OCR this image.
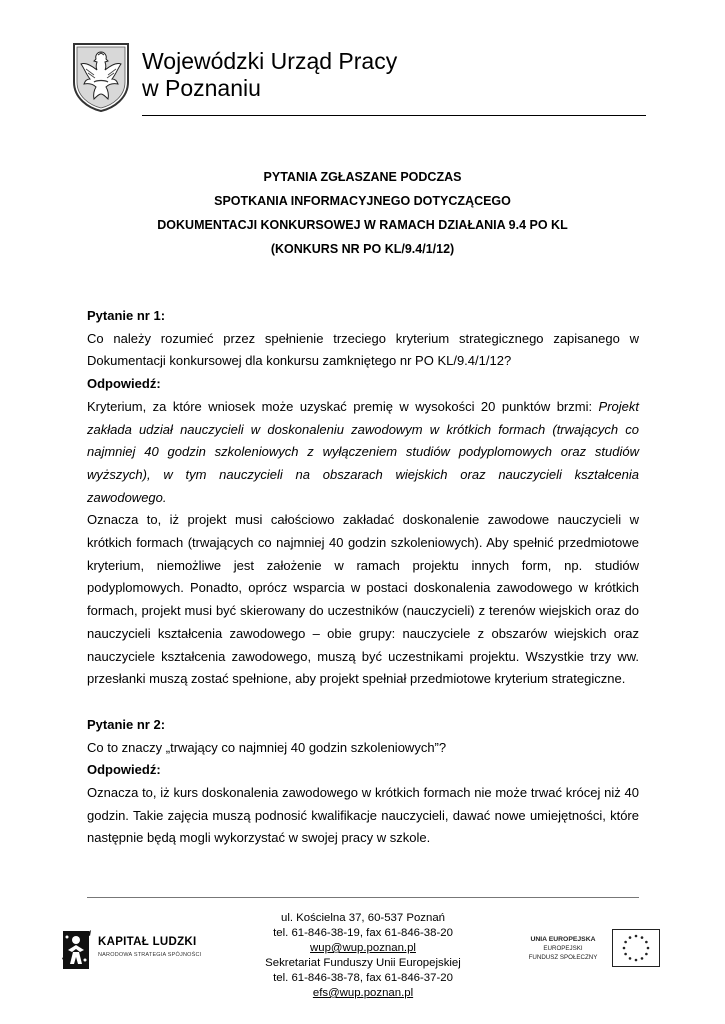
Wojewódzki Urząd Pracy
w Poznaniu
PYTANIA ZGŁASZANE PODCZAS
SPOTKANIA INFORMACYJNEGO DOTYCZĄCEGO
DOKUMENTACJI KONKURSOWEJ W RAMACH DZIAŁANIA 9.4 PO KL
(KONKURS NR PO KL/9.4/1/12)

Pytanie nr 1:

Co należy rozumieć przez spełnienie trzeciego kryterium strategicznego zapisanego w Dokumentacji konkursowej dla konkursu zamkniętego nr PO KL/9.4/1/12?

Odpowiedź:

Kryterium, za które wniosek może uzyskać premię w wysokości 20 punktów brzmi: Projekt zakłada udział nauczycieli w doskonaleniu zawodowym w krótkich formach (trwających co najmniej 40 godzin szkoleniowych z wyłączeniem studiów podyplomowych oraz studiów wyższych), w tym nauczycieli na obszarach wiejskich oraz nauczycieli kształcenia zawodowego.

Oznacza to, iż projekt musi całościowo zakładać doskonalenie zawodowe nauczycieli w krótkich formach (trwających co najmniej 40 godzin szkoleniowych). Aby spełnić przedmiotowe kryterium, niemożliwe jest założenie w ramach projektu innych form, np. studiów podyplomowych. Ponadto, oprócz wsparcia w postaci doskonalenia zawodowego w krótkich formach, projekt musi być skierowany do uczestników (nauczycieli) z terenów wiejskich oraz do nauczycieli kształcenia zawodowego – obie grupy: nauczyciele z obszarów wiejskich oraz nauczyciele kształcenia zawodowego, muszą być uczestnikami projektu. Wszystkie trzy ww. przesłanki muszą zostać spełnione, aby projekt spełniał przedmiotowe kryterium strategiczne.

Pytanie nr 2:

Co to znaczy „trwający co najmniej 40 godzin szkoleniowych”?

Odpowiedź:

Oznacza to, iż kurs doskonalenia zawodowego w krótkich formach nie może trwać krócej niż 40 godzin. Takie zajęcia muszą podnosić kwalifikacje nauczycieli, dawać nowe umiejętności, które następnie będą mogli wykorzystać w swojej pracy w szkole.

KAPITAŁ LUDZKI
NARODOWA STRATEGIA SPÓJNOŚCI
ul. Kościelna 37, 60-537 Poznań
tel. 61-846-38-19, fax 61-846-38-20
wup@wup.poznan.pl
Sekretariat Funduszy Unii Europejskiej
tel. 61-846-38-78, fax 61-846-37-20
efs@wup.poznan.pl
UNIA EUROPEJSKA
EUROPEJSKI
FUNDUSZ SPOŁECZNY
